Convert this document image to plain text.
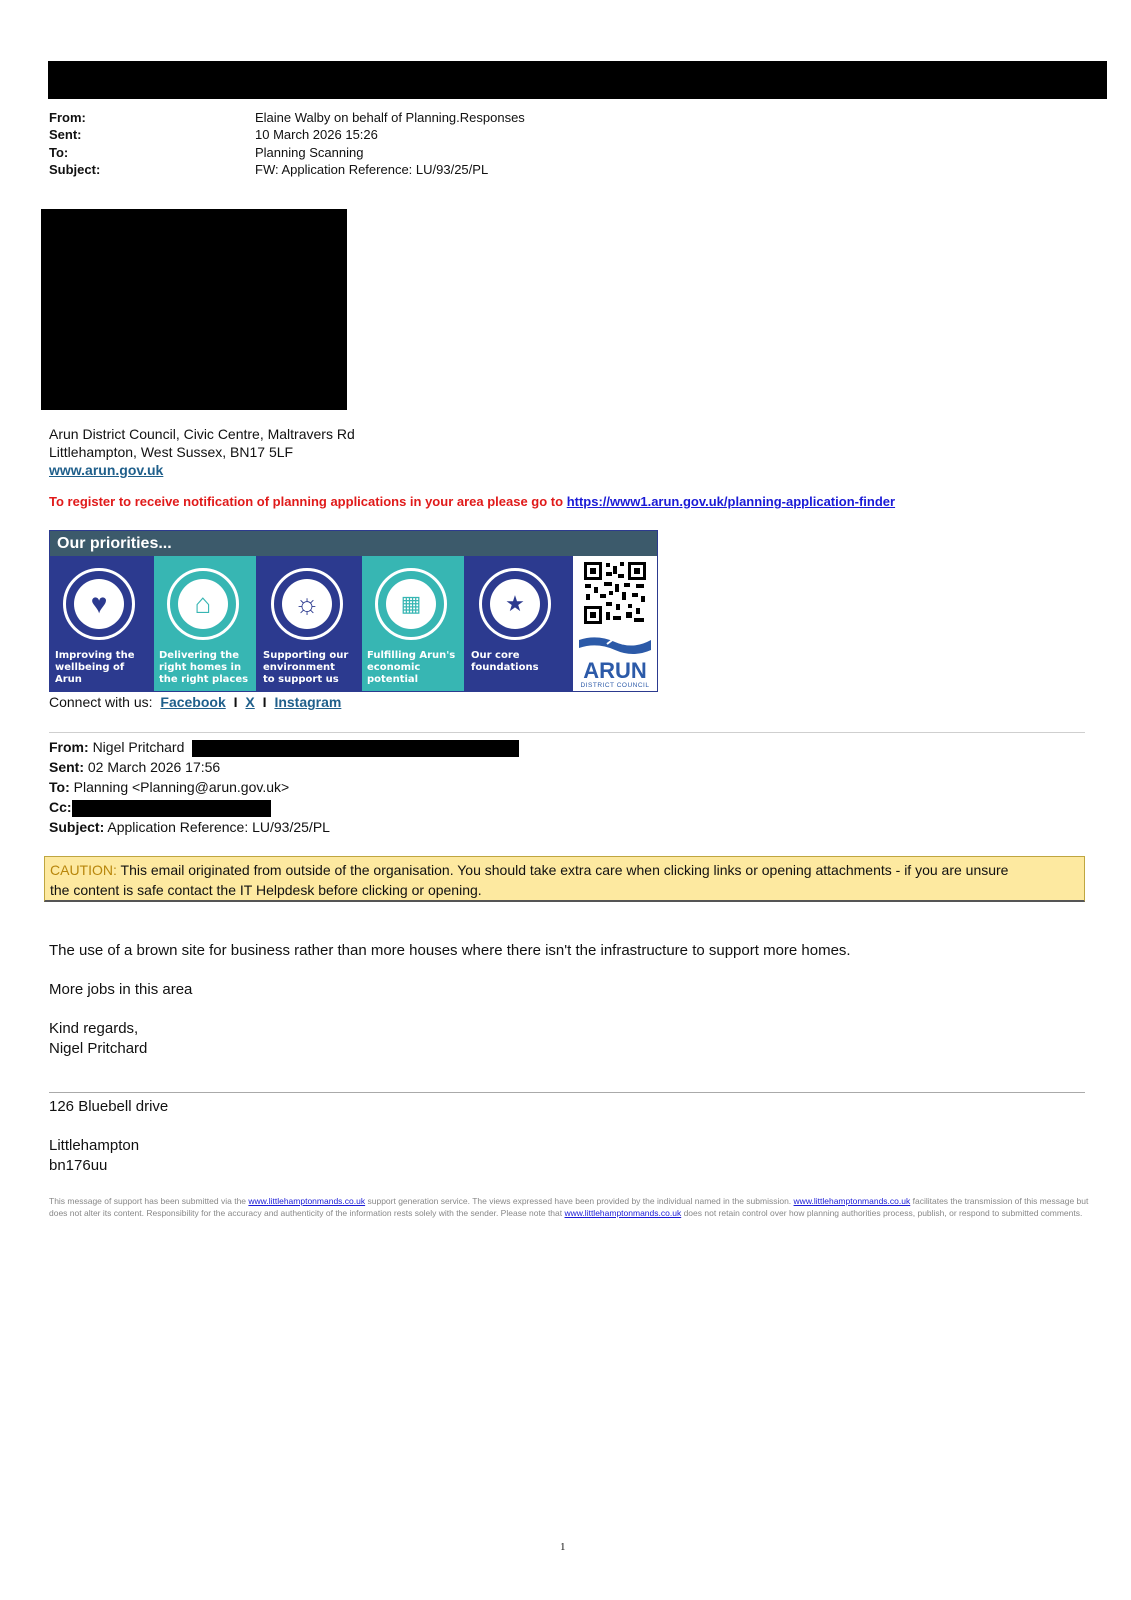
From:	Elaine Walby on behalf of Planning.Responses
Sent:	10 March 2026 15:26
To:	Planning Scanning
Subject:	FW: Application Reference: LU/93/25/PL
Arun District Council, Civic Centre, Maltravers Rd
Littlehampton, West Sussex, BN17 5LF
www.arun.gov.uk
To register to receive notification of planning applications in your area please go to https://www1.arun.gov.uk/planning-application-finder
Our priorities...
♥
Improving the
wellbeing of Arun
⌂
Delivering the
right homes in
the right places
☼
Supporting our
environment
to support us
▦
Fulfilling Arun's
economic
potential
★
Our core
foundations	ARUN
DISTRICT COUNCIL
Connect with us: Facebook I X I Instagram
From: Nigel Pritchard
Sent: 02 March 2026 17:56
To: Planning <Planning@arun.gov.uk>
Cc:
Subject: Application Reference: LU/93/25/PL
CAUTION: This email originated from outside of the organisation. You should take extra care when clicking links or opening attachments - if you are unsure
the content is safe contact the IT Helpdesk before clicking or opening.
The use of a brown site for business rather than more houses where there isn't the infrastructure to support more homes.
More jobs in this area
Kind regards,
Nigel Pritchard
126 Bluebell drive
Littlehampton
bn176uu
This message of support has been submitted via the www.littlehamptonmands.co.uk support generation service. The views expressed have been provided by the individual named in the submission. www.littlehamptonmands.co.uk facilitates the transmission of this message but does not alter its content. Responsibility for the accuracy and authenticity of the information rests solely with the sender. Please note that www.littlehamptonmands.co.uk does not retain control over how planning authorities process, publish, or respond to submitted comments.
1
